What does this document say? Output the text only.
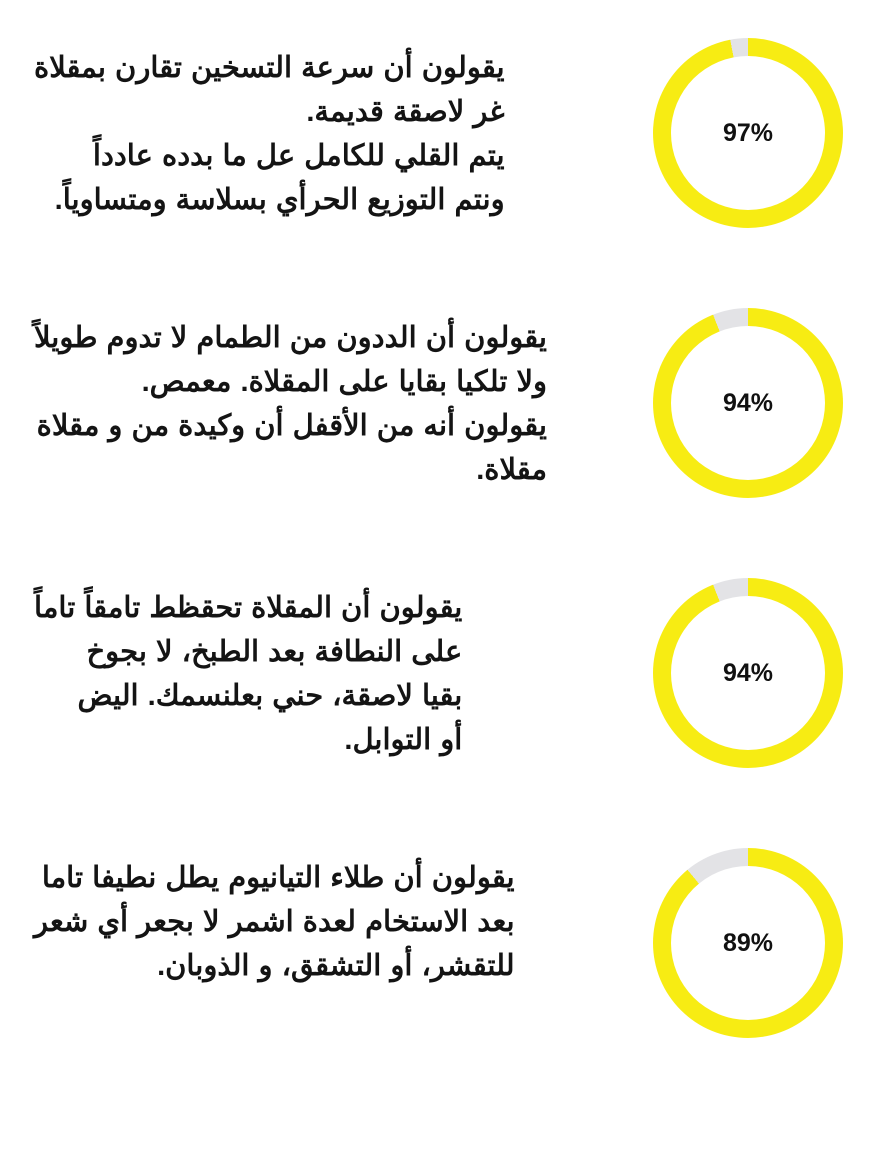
97%

يقولون أن سرعة التسخين تقارن بمقلاة
غر لاصقة قديمة.
يتم القلي للكامل عل ما بدده عادداً
ونتم التوزيع الحرأي بسلاسة ومتساوياً.

94%

يقولون أن الددون من الطمام لا تدوم طويلاً
ولا تلكيا بقايا على المقلاة. معمص.
يقولون أنه من الأقفل أن وكيدة من و مقلاة
مقلاة.

94%

يقولون أن المقلاة تحقظط تامقاً تاماً
على النطافة بعد الطبخ، لا بجوخ
بقيا لاصقة، حني بعلنسمك. اليض
أو التوابل.

89%

يقولون أن طلاء التيانيوم يطل نطيفا تاما
بعد الاستخام لعدة اشمر لا بجعر أي شعر
للتقشر، أو التشقق، و الذوبان.
